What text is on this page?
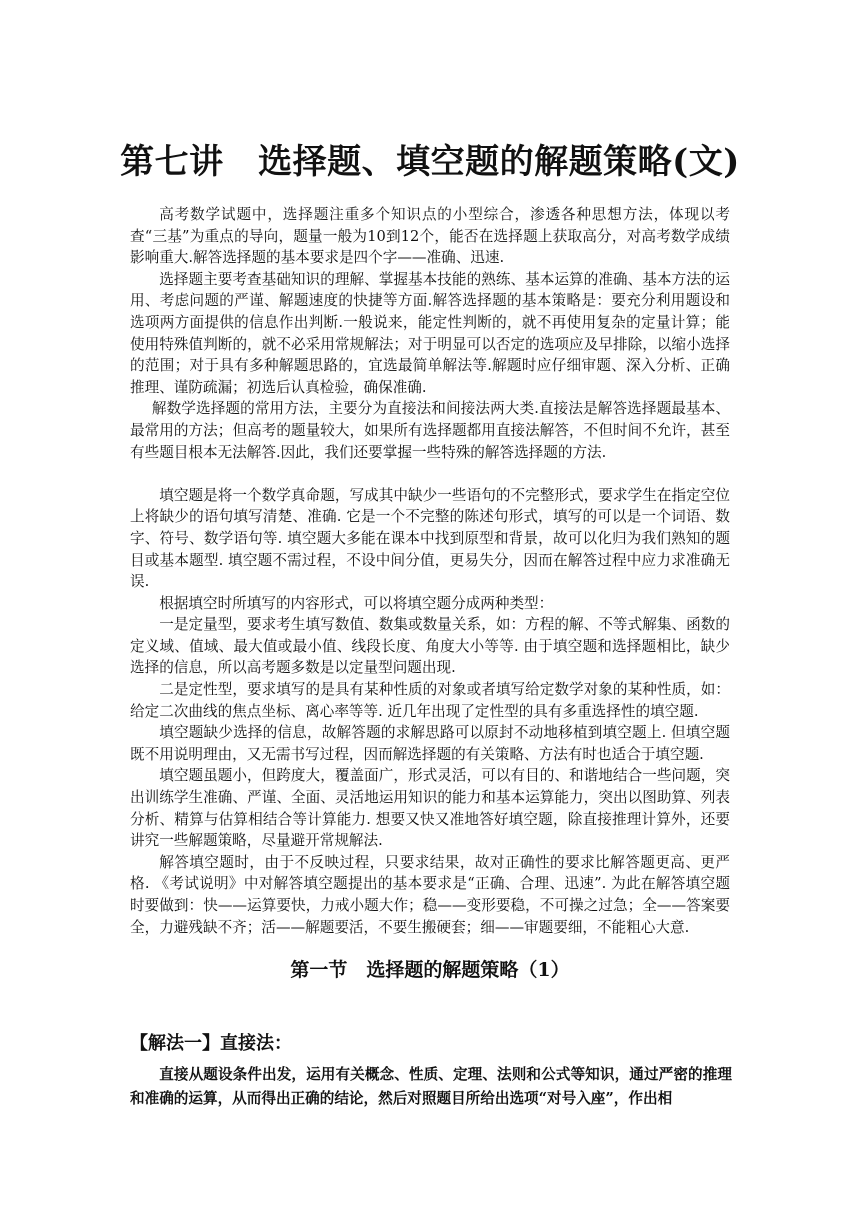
第七讲　选择题、填空题的解题策略(文)

高考数学试题中，选择题注重多个知识点的小型综合，渗透各种思想方法，体现以考查“三基”为重点的导向，题量一般为10到12个，能否在选择题上获取高分，对高考数学成绩影响重大.解答选择题的基本要求是四个字——准确、迅速.

选择题主要考查基础知识的理解、掌握基本技能的熟练、基本运算的准确、基本方法的运用、考虑问题的严谨、解题速度的快捷等方面.解答选择题的基本策略是：要充分利用题设和选项两方面提供的信息作出判断.一般说来，能定性判断的，就不再使用复杂的定量计算；能使用特殊值判断的，就不必采用常规解法；对于明显可以否定的选项应及早排除，以缩小选择的范围；对于具有多种解题思路的，宜选最简单解法等.解题时应仔细审题、深入分析、正确推理、谨防疏漏；初选后认真检验，确保准确.

解数学选择题的常用方法，主要分为直接法和间接法两大类.直接法是解答选择题最基本、最常用的方法；但高考的题量较大，如果所有选择题都用直接法解答，不但时间不允许，甚至有些题目根本无法解答.因此，我们还要掌握一些特殊的解答选择题的方法.

填空题是将一个数学真命题，写成其中缺少一些语句的不完整形式，要求学生在指定空位上将缺少的语句填写清楚、准确. 它是一个不完整的陈述句形式，填写的可以是一个词语、数字、符号、数学语句等. 填空题大多能在课本中找到原型和背景，故可以化归为我们熟知的题目或基本题型. 填空题不需过程，不设中间分值，更易失分，因而在解答过程中应力求准确无误.

根据填空时所填写的内容形式，可以将填空题分成两种类型：

一是定量型，要求考生填写数值、数集或数量关系，如：方程的解、不等式解集、函数的定义域、值域、最大值或最小值、线段长度、角度大小等等. 由于填空题和选择题相比，缺少选择的信息，所以高考题多数是以定量型问题出现.

二是定性型，要求填写的是具有某种性质的对象或者填写给定数学对象的某种性质，如：给定二次曲线的焦点坐标、离心率等等. 近几年出现了定性型的具有多重选择性的填空题.

填空题缺少选择的信息，故解答题的求解思路可以原封不动地移植到填空题上. 但填空题既不用说明理由，又无需书写过程，因而解选择题的有关策略、方法有时也适合于填空题.

填空题虽题小，但跨度大，覆盖面广，形式灵活，可以有目的、和谐地结合一些问题，突出训练学生准确、严谨、全面、灵活地运用知识的能力和基本运算能力，突出以图助算、列表分析、精算与估算相结合等计算能力. 想要又快又准地答好填空题，除直接推理计算外，还要讲究一些解题策略，尽量避开常规解法.

解答填空题时，由于不反映过程，只要求结果，故对正确性的要求比解答题更高、更严格. 《考试说明》中对解答填空题提出的基本要求是“正确、合理、迅速”. 为此在解答填空题时要做到：快——运算要快，力戒小题大作；稳——变形要稳，不可操之过急；全——答案要全，力避残缺不齐；活——解题要活，不要生搬硬套；细——审题要细，不能粗心大意.

第一节　选择题的解题策略（1）
【解法一】直接法：

直接从题设条件出发，运用有关概念、性质、定理、法则和公式等知识，通过严密的推理和准确的运算，从而得出正确的结论，然后对照题目所给出选项“对号入座”，作出相
